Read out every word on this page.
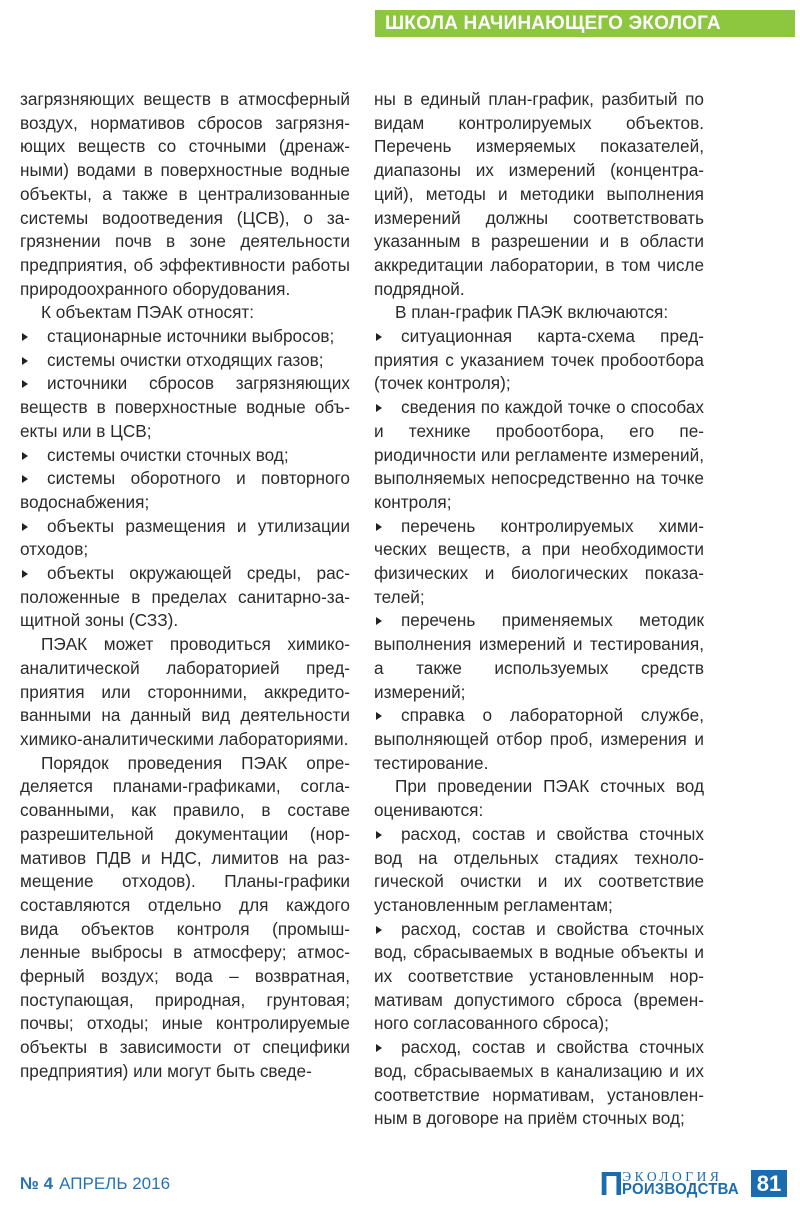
ШКОЛА НАЧИНАЮЩЕГО ЭКОЛОГА

загрязняющих веществ в атмосферный воздух, нормативов сбросов загрязняющих веществ со сточными (дренажными) водами в поверхностные водные объекты, а также в централизованные системы водоотведения (ЦСВ), о загрязнении почв в зоне деятельности предприятия, об эффективности работы природоохранного оборудования.

К объектам ПЭАК относят:

стационарные источники выбросов;

системы очистки отходящих газов;

источники сбросов загрязняющих веществ в поверхностные водные объекты или в ЦСВ;

системы очистки сточных вод;

системы оборотного и повторного водоснабжения;

объекты размещения и утилизации отходов;

объекты окружающей среды, расположенные в пределах санитарно-защитной зоны (СЗЗ).

ПЭАК может проводиться химико-аналитической лабораторией предприятия или сторонними, аккредитованными на данный вид деятельности химико-аналитическими лабораториями.

Порядок проведения ПЭАК определяется планами-графиками, согласованными, как правило, в составе разрешительной документации (нормативов ПДВ и НДС, лимитов на размещение отходов). Планы-графики составляются отдельно для каждого вида объектов контроля (промышленные выбросы в атмосферу; атмосферный воздух; вода – возвратная, поступающая, природная, грунтовая; почвы; отходы; иные контролируемые объекты в зависимости от специфики предприятия) или могут быть сведе-

ны в единый план-график, разбитый по видам контролируемых объектов. Перечень измеряемых показателей, диапазоны их измерений (концентраций), методы и методики выполнения измерений должны соответствовать указанным в разрешении и в области аккредитации лаборатории, в том числе подрядной.

В план-график ПАЭК включаются:

ситуационная карта-схема предприятия с указанием точек пробоотбора (точек контроля);

сведения по каждой точке о способах и технике пробоотбора, его периодичности или регламенте измерений, выполняемых непосредственно на точке контроля;

перечень контролируемых химических веществ, а при необходимости физических и биологических показателей;

перечень применяемых методик выполнения измерений и тестирования, а также используемых средств измерений;

справка о лабораторной службе, выполняющей отбор проб, измерения и тестирование.

При проведении ПЭАК сточных вод оцениваются:

расход, состав и свойства сточных вод на отдельных стадиях технологической очистки и их соответствие установленным регламентам;

расход, состав и свойства сточных вод, сбрасываемых в водные объекты и их соответствие установленным нормативам допустимого сброса (временного согласованного сброса);

расход, состав и свойства сточных вод, сбрасываемых в канализацию и их соответствие нормативам, установленным в договоре на приём сточных вод;

№ 4 АПРЕЛЬ 2016	П ЭКОЛОГИЯ
РОИЗВОДСТВА 81
